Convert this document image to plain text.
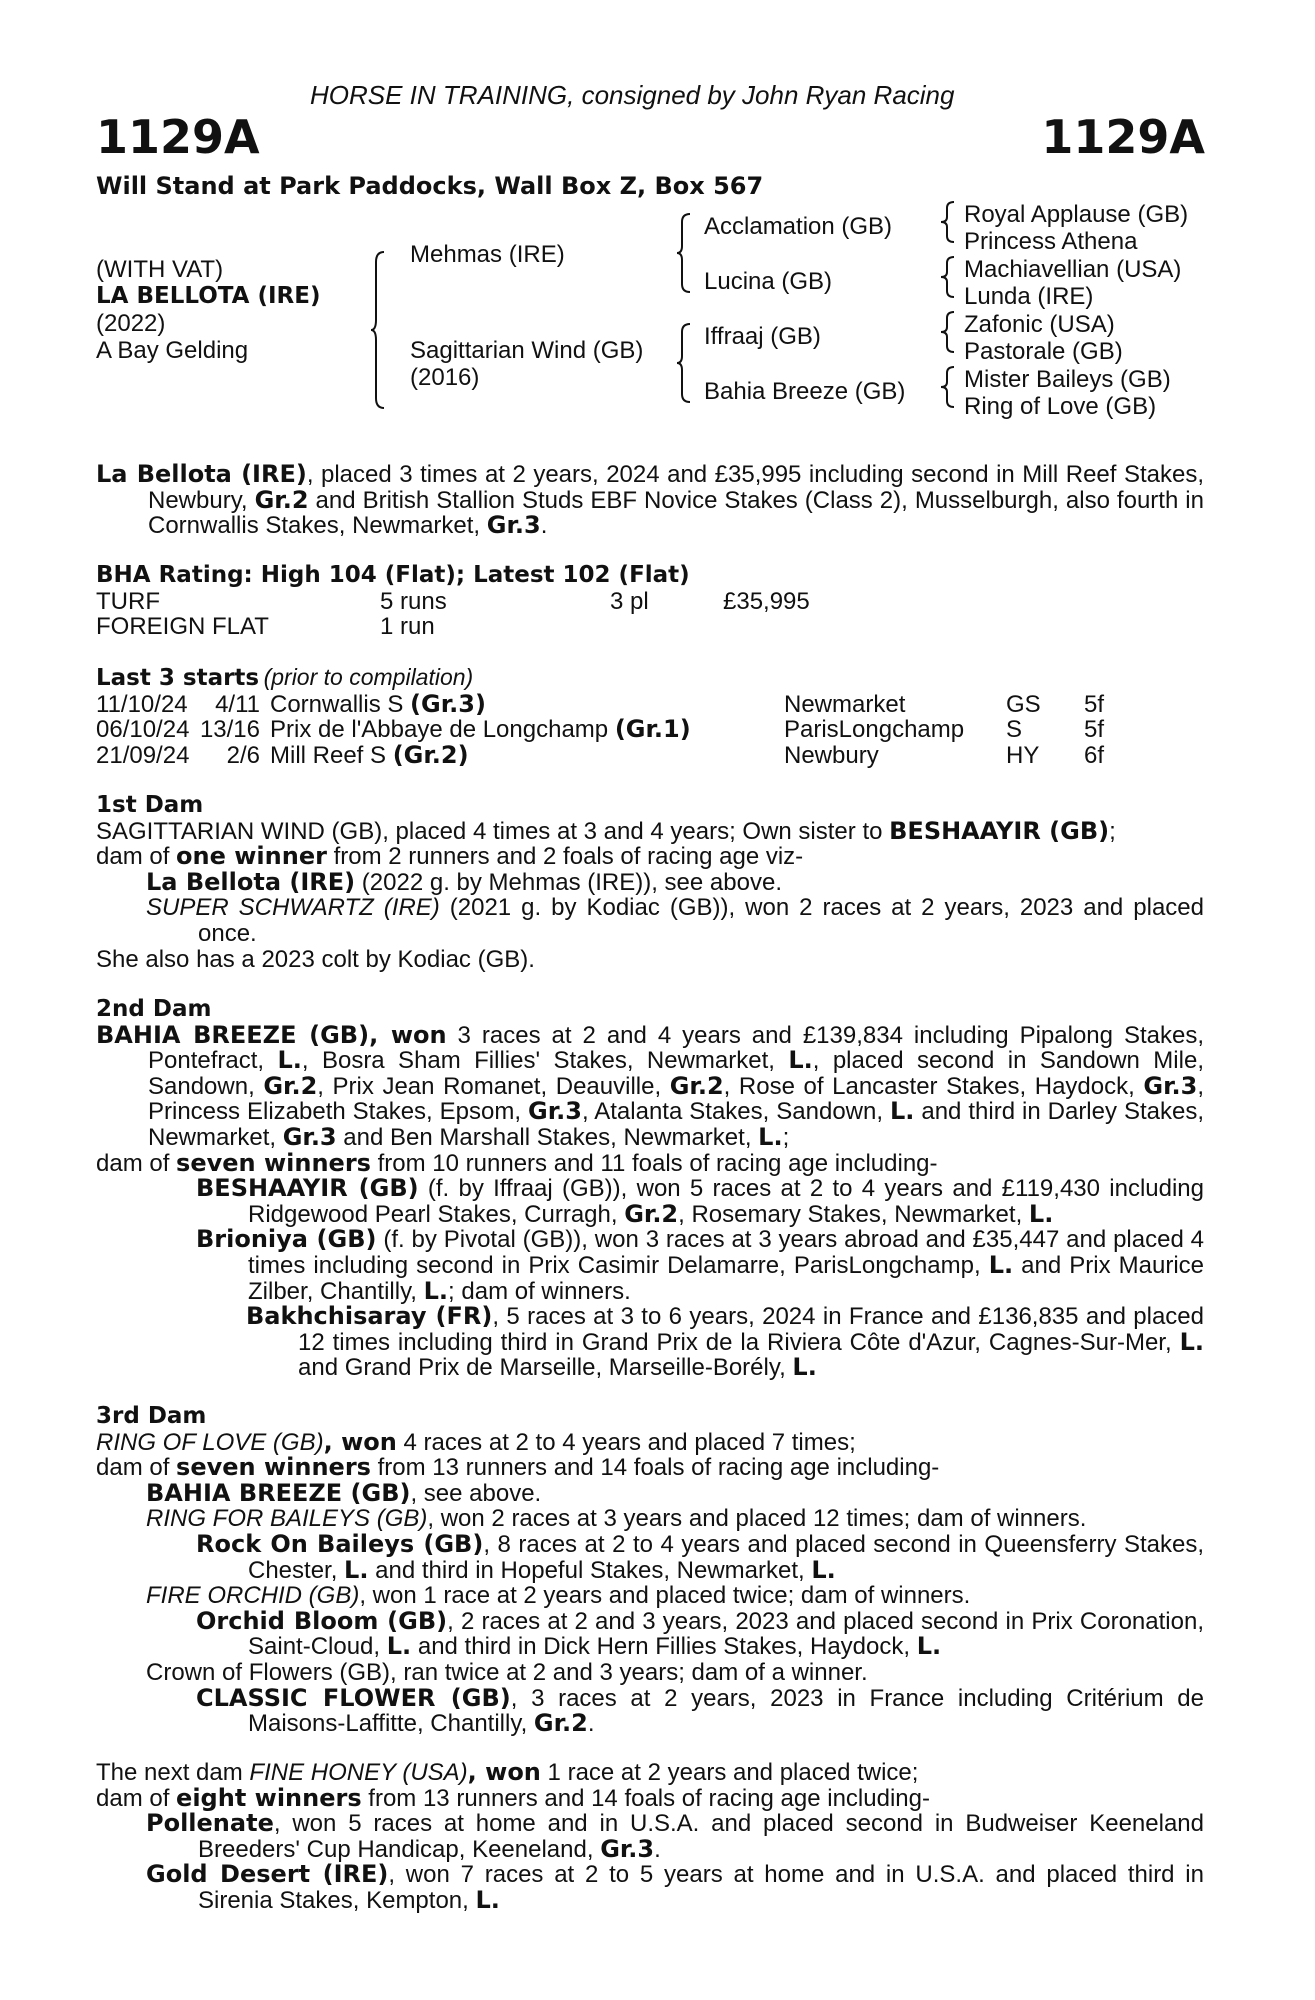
HORSE IN TRAINING, consigned by John Ryan Racing
1129A	1129A
Will Stand at Park Paddocks, Wall Box Z, Box 567
(WITH VAT)
LA BELLOTA (IRE)
(2022)
A Bay Gelding
Mehmas (IRE)
Sagittarian Wind (GB)
(2016)
Acclamation (GB)
Lucina (GB)
Iffraaj (GB)
Bahia Breeze (GB)
Royal Applause (GB)
Princess Athena
Machiavellian (USA)
Lunda (IRE)
Zafonic (USA)
Pastorale (GB)
Mister Baileys (GB)
Ring of Love (GB)

La Bellota (IRE), placed 3 times at 2 years, 2024 and £35,995 including second in Mill Reef Stakes, Newbury, Gr.2 and British Stallion Studs EBF Novice Stakes (Class 2), Musselburgh, also fourth in Cornwallis Stakes, Newmarket, Gr.3.

BHA Rating: High 104 (Flat); Latest 102 (Flat)
TURF	5 runs	3 pl	£35,995
FOREIGN FLAT	1 run		
Last 3 starts (prior to compilation)
11/10/24	4/11	Cornwallis S (Gr.3)	Newmarket	GS	5f
06/10/24	13/16	Prix de l'Abbaye de Longchamp (Gr.1)	ParisLongchamp	S	5f
21/09/24	2/6	Mill Reef S (Gr.2)	Newbury	HY	6f
1st Dam

SAGITTARIAN WIND (GB), placed 4 times at 3 and 4 years; Own sister to BESHAAYIR (GB);

dam of one winner from 2 runners and 2 foals of racing age viz-

La Bellota (IRE) (2022 g. by Mehmas (IRE)), see above.

SUPER SCHWARTZ (IRE) (2021 g. by Kodiac (GB)), won 2 races at 2 years, 2023 and placed once.

She also has a 2023 colt by Kodiac (GB).

2nd Dam

BAHIA BREEZE (GB), won 3 races at 2 and 4 years and £139,834 including Pipalong Stakes, Pontefract, L., Bosra Sham Fillies' Stakes, Newmarket, L., placed second in Sandown Mile, Sandown, Gr.2, Prix Jean Romanet, Deauville, Gr.2, Rose of Lancaster Stakes, Haydock, Gr.3, Princess Elizabeth Stakes, Epsom, Gr.3, Atalanta Stakes, Sandown, L. and third in Darley Stakes, Newmarket, Gr.3 and Ben Marshall Stakes, Newmarket, L.;

dam of seven winners from 10 runners and 11 foals of racing age including-

BESHAAYIR (GB) (f. by Iffraaj (GB)), won 5 races at 2 to 4 years and £119,430 including Ridgewood Pearl Stakes, Curragh, Gr.2, Rosemary Stakes, Newmarket, L.

Brioniya (GB) (f. by Pivotal (GB)), won 3 races at 3 years abroad and £35,447 and placed 4 times including second in Prix Casimir Delamarre, ParisLongchamp, L. and Prix Maurice Zilber, Chantilly, L.; dam of winners.

Bakhchisaray (FR), 5 races at 3 to 6 years, 2024 in France and £136,835 and placed 12 times including third in Grand Prix de la Riviera Côte d'Azur, Cagnes-Sur-Mer, L. and Grand Prix de Marseille, Marseille-Borély, L.

3rd Dam

RING OF LOVE (GB), won 4 races at 2 to 4 years and placed 7 times;

dam of seven winners from 13 runners and 14 foals of racing age including-

BAHIA BREEZE (GB), see above.

RING FOR BAILEYS (GB), won 2 races at 3 years and placed 12 times; dam of winners.

Rock On Baileys (GB), 8 races at 2 to 4 years and placed second in Queensferry Stakes, Chester, L. and third in Hopeful Stakes, Newmarket, L.

FIRE ORCHID (GB), won 1 race at 2 years and placed twice; dam of winners.

Orchid Bloom (GB), 2 races at 2 and 3 years, 2023 and placed second in Prix Coronation, Saint-Cloud, L. and third in Dick Hern Fillies Stakes, Haydock, L.

Crown of Flowers (GB), ran twice at 2 and 3 years; dam of a winner.

CLASSIC FLOWER (GB), 3 races at 2 years, 2023 in France including Critérium de Maisons-Laffitte, Chantilly, Gr.2.

The next dam FINE HONEY (USA), won 1 race at 2 years and placed twice;

dam of eight winners from 13 runners and 14 foals of racing age including-

Pollenate, won 5 races at home and in U.S.A. and placed second in Budweiser Keeneland Breeders' Cup Handicap, Keeneland, Gr.3.

Gold Desert (IRE), won 7 races at 2 to 5 years at home and in U.S.A. and placed third in Sirenia Stakes, Kempton, L.
